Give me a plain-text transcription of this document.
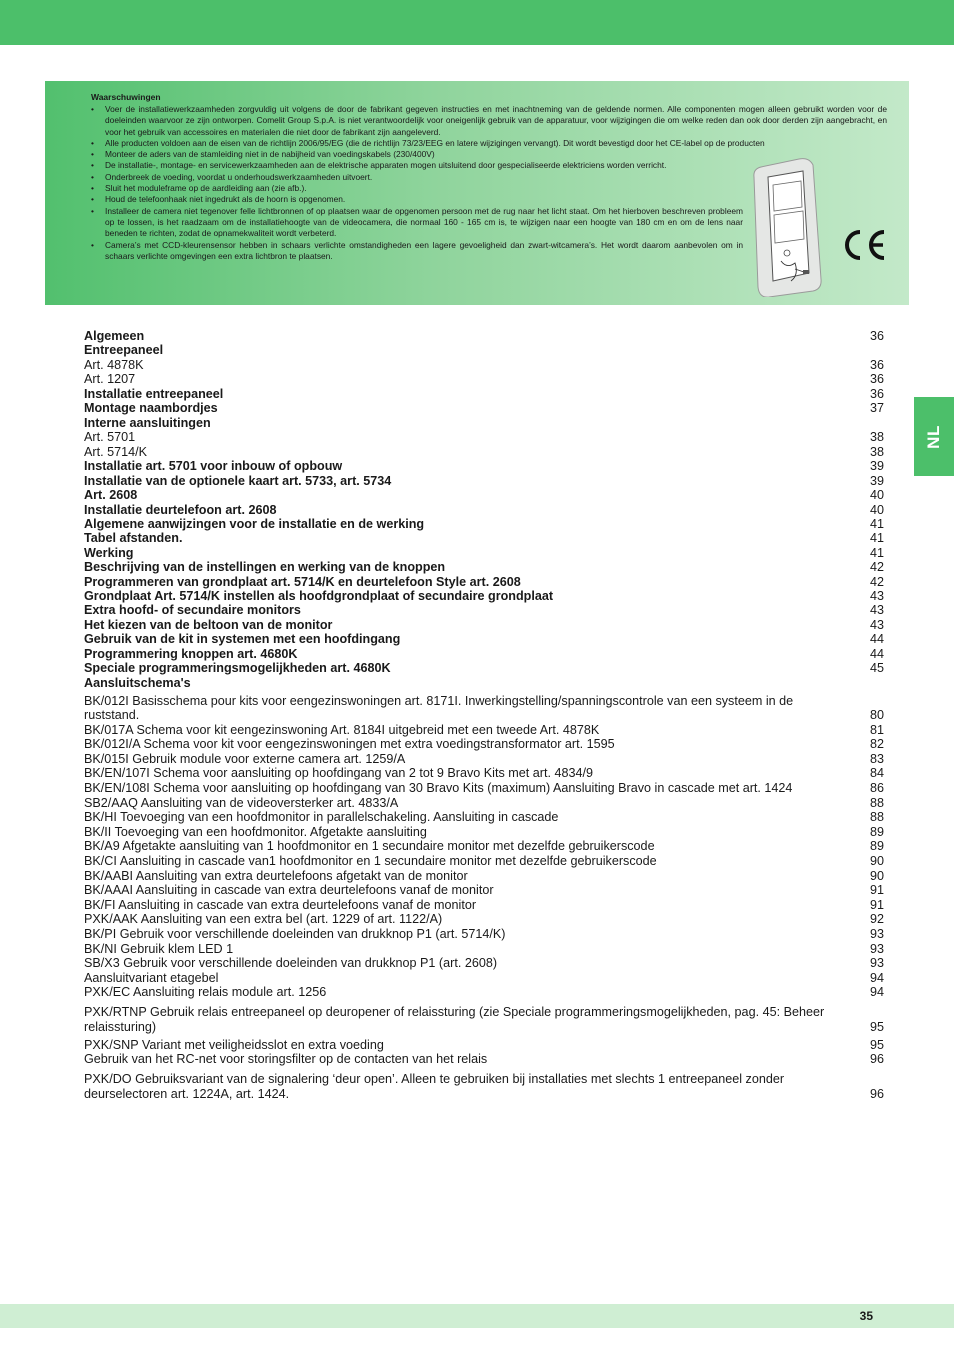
Waarschuwingen
• Voer de installatiewerkzaamheden zorgvuldig uit volgens de door de fabrikant gegeven instructies en met inachtneming van de geldende normen. Alle componenten mogen alleen gebruikt worden voor de doeleinden waarvoor ze zijn ontworpen. Comelit Group S.p.A. is niet verantwoordelijk voor oneigenlijk gebruik van de apparatuur, voor wijzigingen die om welke reden dan ook door derden zijn aangebracht, en voor het gebruik van accessoires en materialen die niet door de fabrikant zijn aangeleverd.
• Alle producten voldoen aan de eisen van de richtlijn 2006/95/EG (die de richtlijn 73/23/EEG en latere wijzigingen vervangt). Dit wordt bevestigd door het CE-label op de producten
• Monteer de aders van de stamleiding niet in de nabijheid van voedingskabels (230/400V)
• De installatie-, montage- en servicewerkzaamheden aan de elektrische apparaten mogen uitsluitend door gespecialiseerde elektriciens worden verricht.
• Onderbreek de voeding, voordat u onderhoudswerkzaamheden uitvoert.
• Sluit het moduleframe op de aardleiding aan (zie afb.).
• Houd de telefoonhaak niet ingedrukt als de hoorn is opgenomen.
• Installeer de camera niet tegenover felle lichtbronnen of op plaatsen waar de opgenomen persoon met de rug naar het licht staat. Om het hierboven beschreven probleem op te lossen, is het raadzaam om de installatiehoogte van de videocamera, die normaal 160 - 165 cm is, te wijzigen naar een hoogte van 180 cm en om de lens naar beneden te richten, zodat de opnamekwaliteit wordt verbeterd.
• Camera’s met CCD-kleurensensor hebben in schaars verlichte omstandigheden een lagere gevoeligheid dan zwart-witcamera’s. Het wordt daarom aanbevolen om in schaars verlichte omgevingen een extra lichtbron te plaatsen.
NL
Algemeen	36
Entreepaneel
Art. 4878K	36
Art. 1207	36
Installatie entreepaneel	36
Montage naambordjes	37
Interne aansluitingen
Art. 5701	38
Art. 5714/K	38
Installatie art. 5701 voor inbouw of opbouw	39
Installatie van de optionele kaart art. 5733, art. 5734	39
Art. 2608	40
Installatie deurtelefoon art. 2608	40
Algemene aanwijzingen voor de installatie en de werking	41
Tabel afstanden.	41
Werking	41
Beschrijving van de instellingen en werking van de knoppen	42
Programmeren van grondplaat art. 5714/K en deurtelefoon Style art. 2608	42
Grondplaat Art. 5714/K instellen als hoofdgrondplaat of secundaire grondplaat	43
Extra hoofd- of secundaire monitors	43
Het kiezen van de beltoon van de monitor	43
Gebruik van de kit in systemen met een hoofdingang	44
Programmering knoppen art. 4680K	44
Speciale programmeringsmogelijkheden art. 4680K	45
Aansluitschema's
BK/012I Basisschema pour kits voor eengezinswoningen art. 8171I. Inwerkingstelling/spanningscontrole van een systeem in de ruststand.	80
BK/017A Schema voor kit eengezinswoning Art. 8184I uitgebreid met een tweede Art. 4878K	81
BK/012I/A Schema voor kit voor eengezinswoningen met extra voedingstransformator art. 1595	82
BK/015I Gebruik module voor externe camera art. 1259/A	83
BK/EN/107I Schema voor aansluiting op hoofdingang van 2 tot 9 Bravo Kits met art. 4834/9	84
BK/EN/108I Schema voor aansluiting op hoofdingang van 30 Bravo Kits (maximum) Aansluiting Bravo in cascade met art. 1424	86
SB2/AAQ Aansluiting van de videoversterker art. 4833/A	88
BK/HI Toevoeging van een hoofdmonitor in parallelschakeling. Aansluiting in cascade	88
BK/II Toevoeging van een hoofdmonitor. Afgetakte aansluiting	89
BK/A9 Afgetakte aansluiting van 1 hoofdmonitor en 1 secundaire monitor met dezelfde gebruikerscode	89
BK/CI Aansluiting in cascade van1 hoofdmonitor en 1 secundaire monitor met dezelfde gebruikerscode	90
BK/AABI Aansluiting van extra deurtelefoons afgetakt van de monitor	90
BK/AAAI Aansluiting in cascade van extra deurtelefoons vanaf de monitor	91
BK/FI Aansluiting in cascade van extra deurtelefoons vanaf de monitor	91
PXK/AAK Aansluiting van een extra bel (art. 1229 of art. 1122/A)	92
BK/PI Gebruik voor verschillende doeleinden van drukknop P1 (art. 5714/K)	93
BK/NI Gebruik klem LED 1	93
SB/X3 Gebruik voor verschillende doeleinden van drukknop P1 (art. 2608)	93
Aansluitvariant etagebel	94
PXK/EC Aansluiting relais module art. 1256	94
PXK/RTNP Gebruik relais entreepaneel op deuropener of relaissturing (zie Speciale programmeringsmogelijkheden, pag. 45: Beheer relaissturing)	95
PXK/SNP Variant met veiligheidsslot en extra voeding	95
Gebruik van het RC-net voor storingsfilter op de contacten van het relais	96
PXK/DO Gebruiksvariant van de signalering ‘deur open’. Alleen te gebruiken bij installaties met slechts 1 entreepaneel zonder deurselectoren art. 1224A, art. 1424.	96
35
